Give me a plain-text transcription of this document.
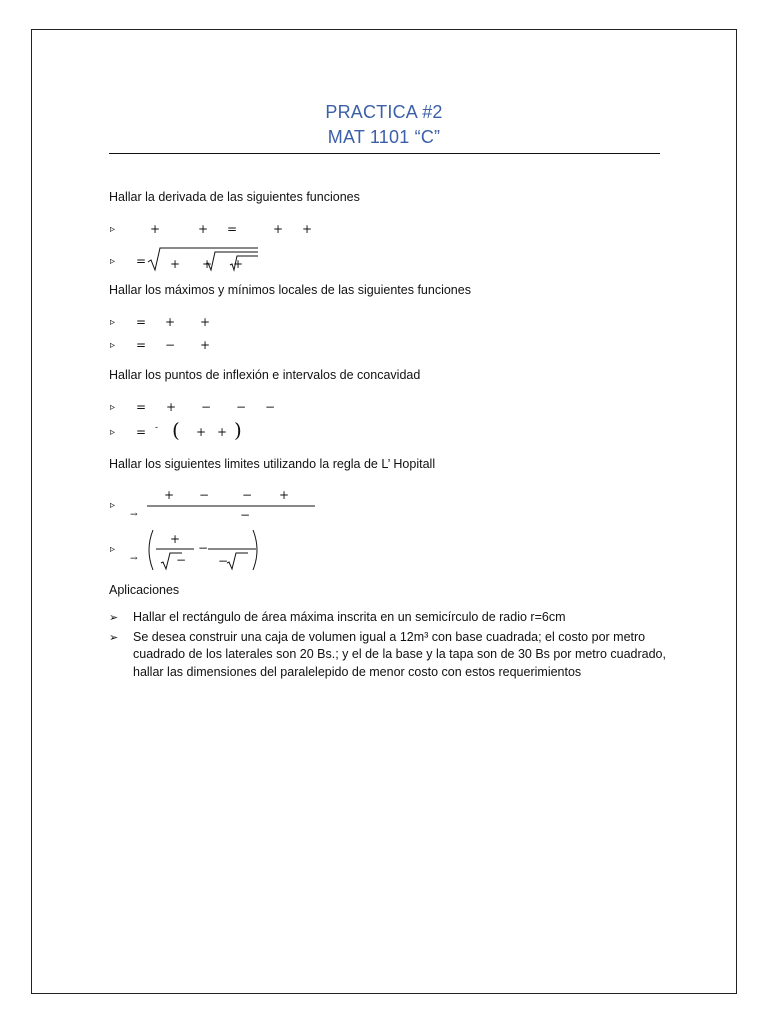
PRACTICA #2
MAT 1101 “C”
Hallar la derivada de las siguientes funciones
▹	+	+ =	+ +
▹ = + + +
Hallar los máximos y mínimos locales de las siguientes funciones
▹ = + +
▹ = − +
Hallar los puntos de inflexión e intervalos de concavidad
▹ = + − − −
▹ = - ( + + )
Hallar los siguientes limites utilizando la regla de L’ Hopitall
▹
→
+ −	− +
−
▹
→
+
−
−
−
Aplicaciones
➢ Hallar el rectángulo de área máxima inscrita en un semicírculo de radio r=6cm
➢ Se desea construir una caja de volumen igual a 12m³ con base cuadrada; el costo por metro cuadrado de los laterales son 20 Bs.; y el de la base y la tapa son de 30 Bs por metro cuadrado, hallar las dimensiones del paralelepido de menor costo con estos requerimientos
